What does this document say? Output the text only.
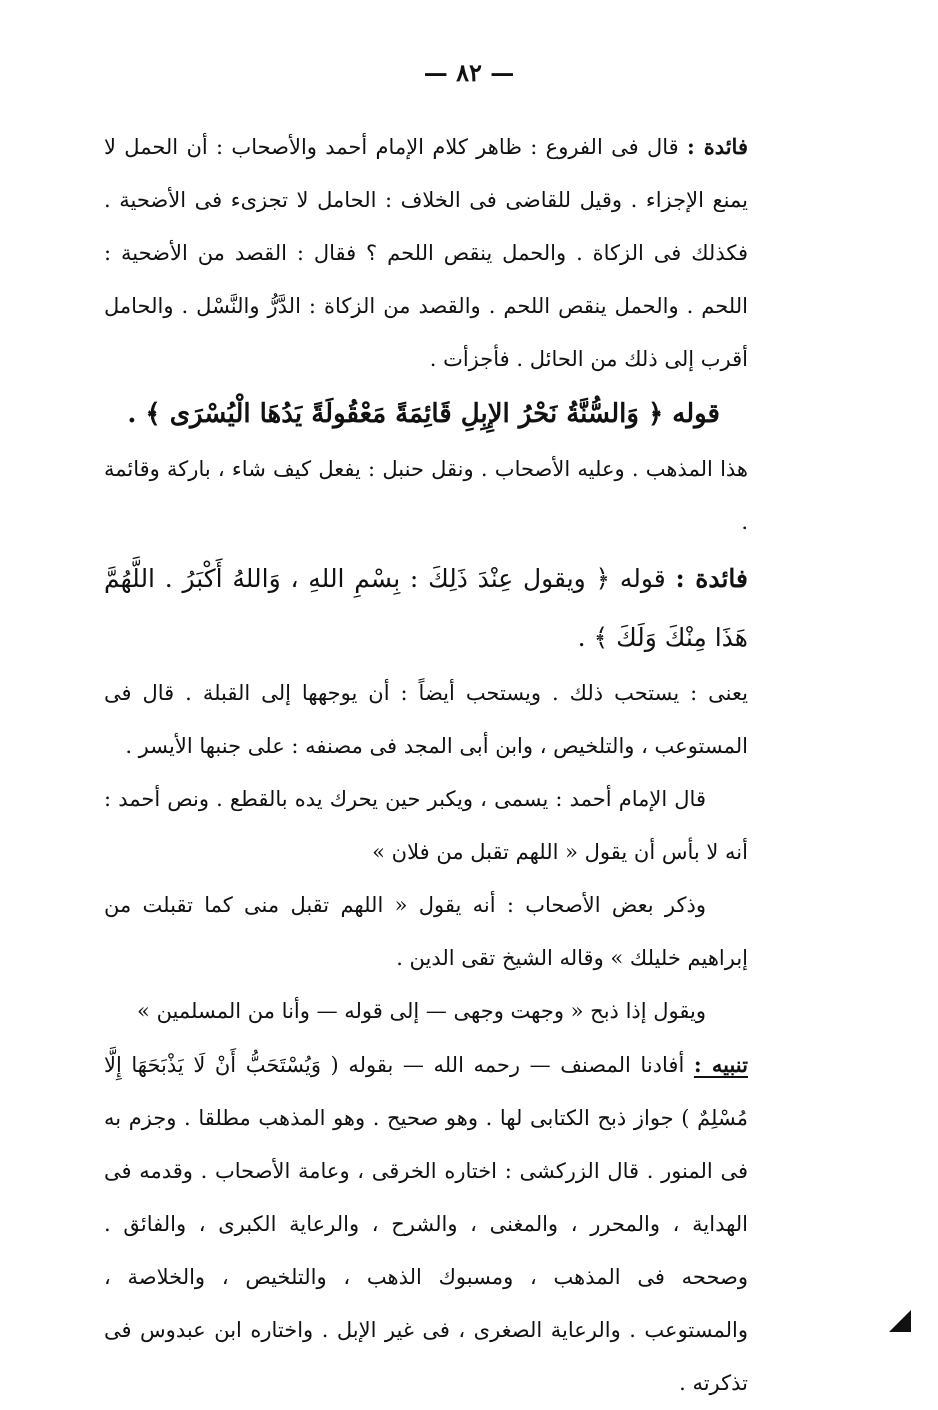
— ٨٢ —

فائدة : قال فى الفروع : ظاهر كلام الإمام أحمد والأصحاب : أن الحمل لا يمنع الإجزاء . وقيل للقاضى فى الخلاف : الحامل لا تجزىء فى الأضحية . فكذلك فى الزكاة . والحمل ينقص اللحم ؟ فقال : القصد من الأضحية : اللحم . والحمل ينقص اللحم . والقصد من الزكاة : الدَّرُّ والنَّسْل . والحامل أقرب إلى ذلك من الحائل . فأجزأت .

قوله ﴿ وَالسُّنَّةُ نَحْرُ الإِبِلِ قَائِمَةً مَعْقُولَةً يَدُهَا الْيُسْرَى ﴾ .

هذا المذهب . وعليه الأصحاب . ونقل حنبل : يفعل كيف شاء ، باركة وقائمة .

فائدة : قوله ﴿ ويقول عِنْدَ ذَلِكَ : بِسْمِ اللهِ ، وَاللهُ أَكْبَرُ . اللَّهُمَّ هَذَا مِنْكَ وَلَكَ ﴾ .

يعنى : يستحب ذلك . ويستحب أيضاً : أن يوجهها إلى القبلة . قال فى المستوعب ، والتلخيص ، وابن أبى المجد فى مصنفه : على جنبها الأيسر .

قال الإمام أحمد : يسمى ، ويكبر حين يحرك يده بالقطع . ونص أحمد : أنه لا بأس أن يقول « اللهم تقبل من فلان »

وذكر بعض الأصحاب : أنه يقول « اللهم تقبل منى كما تقبلت من إبراهيم خليلك » وقاله الشيخ تقى الدين .

ويقول إذا ذبح « وجهت وجهى — إلى قوله — وأنا من المسلمين »

تنبيه : أفادنا المصنف — رحمه الله — بقوله ( وَيُسْتَحَبُّ أَنْ لَا يَذْبَحَهَا إِلَّا مُسْلِمٌ ) جواز ذبح الكتابى لها . وهو صحيح . وهو المذهب مطلقا . وجزم به فى المنور . قال الزركشى : اختاره الخرقى ، وعامة الأصحاب . وقدمه فى الهداية ، والمحرر ، والمغنى ، والشرح ، والرعاية الكبرى ، والفائق . وصححه فى المذهب ، ومسبوك الذهب ، والتلخيص ، والخلاصة ، والمستوعب . والرعاية الصغرى ، فى غير الإبل . واختاره ابن عبدوس فى تذكرته .
